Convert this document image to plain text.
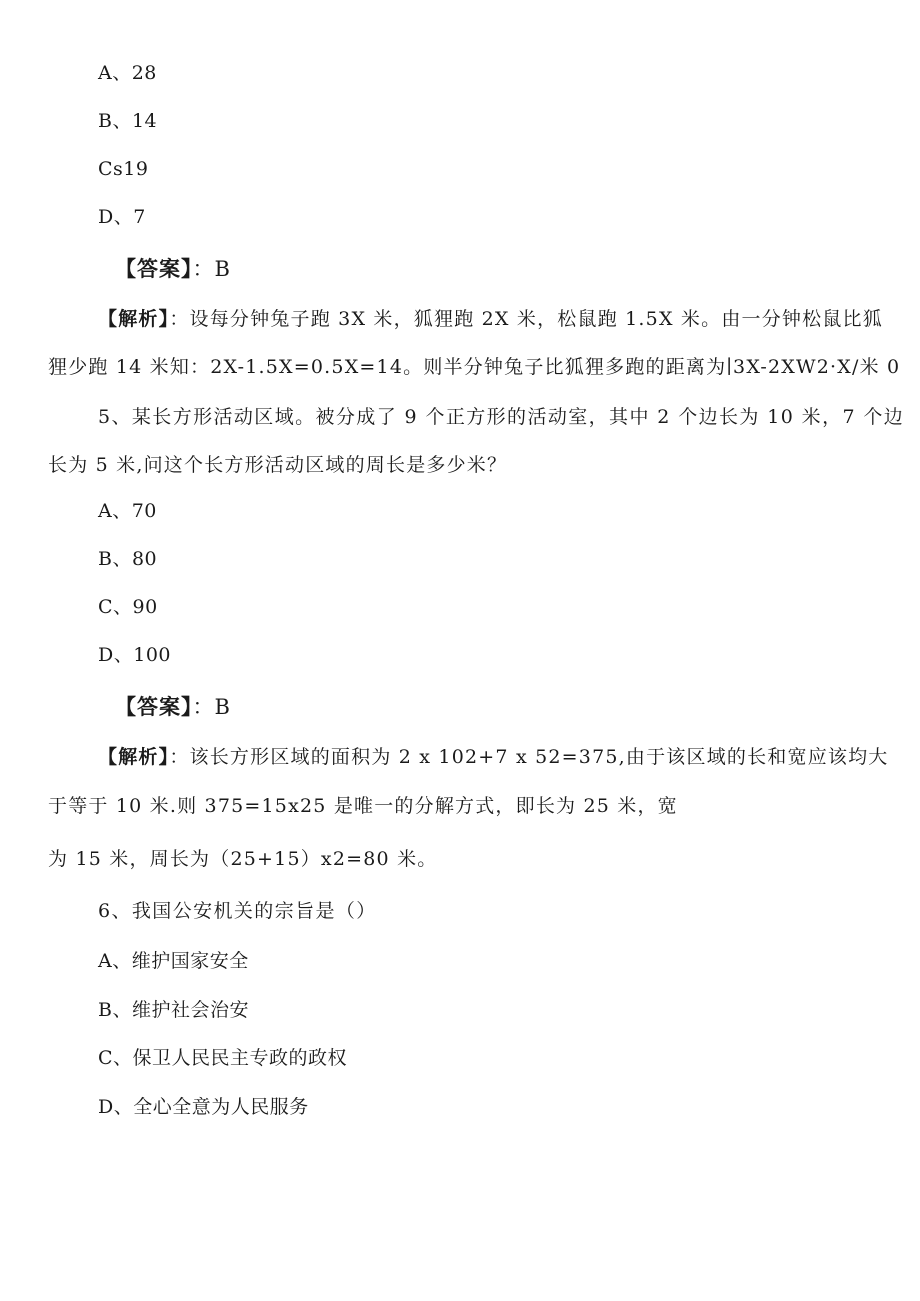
A、28
B、14
Cs19
D、7
【答案】：B
【解析】：设每分钟兔子跑 3X 米，狐狸跑 2X 米，松鼠跑 1.5X 米。由一分钟松鼠比狐
狸少跑 14 米知：2X-1.5X=0.5X=14。则半分钟兔子比狐狸多跑的距离为∣3X-2XW2·X/米 0
5、某长方形活动区域。被分成了 9 个正方形的活动室，其中 2 个边长为 10 米，7 个边
长为 5 米,问这个长方形活动区域的周长是多少米？
A、70
B、80
C、90
D、100
【答案】：B
【解析】：该长方形区域的面积为 2 x 102+7 x 52=375,由于该区域的长和宽应该均大
于等于 10 米.则 375=15x25 是唯一的分解方式，即长为 25 米，宽
为 15 米，周长为（25+15）x2=80 米。
6、我国公安机关的宗旨是（）
A、维护国家安全
B、维护社会治安
C、保卫人民民主专政的政权
D、全心全意为人民服务
